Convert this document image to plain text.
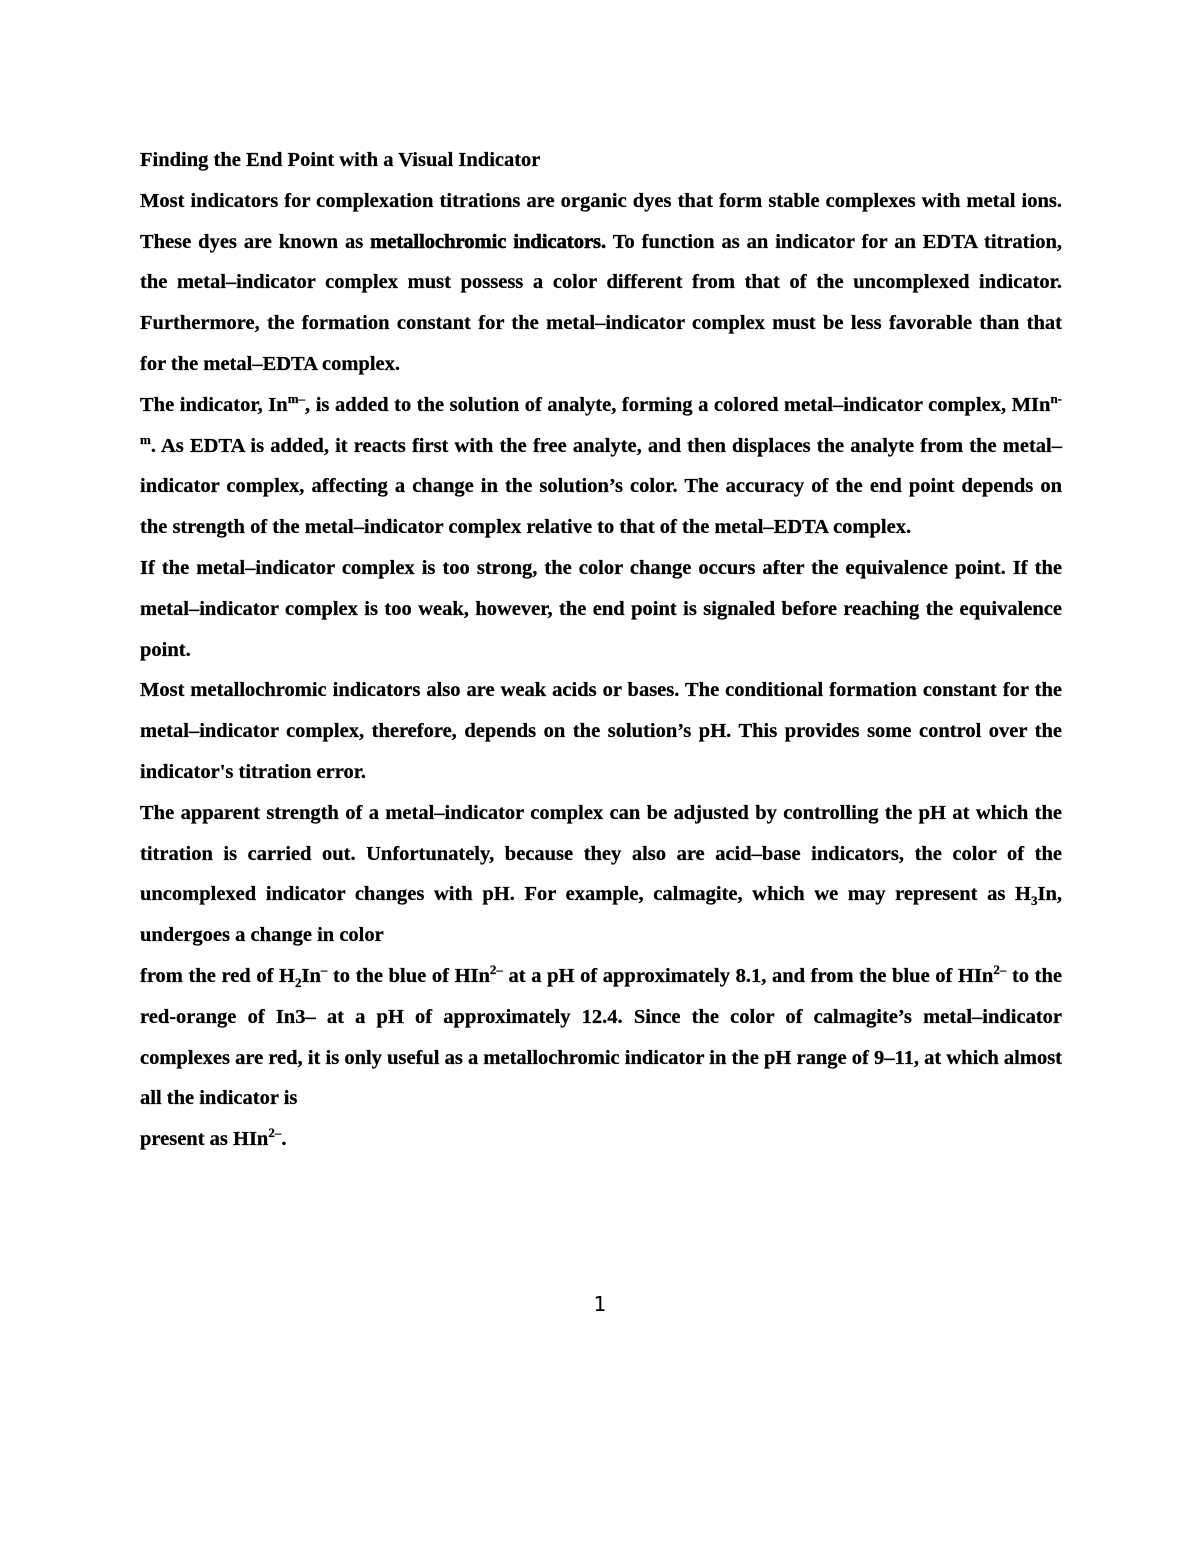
Finding the End Point with a Visual Indicator

Most indicators for complexation titrations are organic dyes that form stable complexes with metal ions. These dyes are known as metallochromic indicators. To function as an indicator for an EDTA titration, the metal–indicator complex must possess a color different from that of the uncomplexed indicator. Furthermore, the formation constant for the metal–indicator complex must be less favorable than that for the metal–EDTA complex.

The indicator, $In^{m-}$, is added to the solution of analyte, forming a colored metal–indicator complex, MIn$^{n-m}$. As EDTA is added, it reacts first with the free analyte, and then displaces the analyte from the metal–indicator complex, affecting a change in the solution’s color. The accuracy of the end point depends on the strength of the metal–indicator complex relative to that of the metal–EDTA complex.

If the metal–indicator complex is too strong, the color change occurs after the equivalence point. If the metal–indicator complex is too weak, however, the end point is signaled before reaching the equivalence point.

Most metallochromic indicators also are weak acids or bases. The conditional formation constant for the metal–indicator complex, therefore, depends on the solution’s pH. This provides some control over the indicator's titration error.

The apparent strength of a metal–indicator complex can be adjusted by controlling the pH at which the titration is carried out. Unfortunately, because they also are acid–base indicators, the color of the uncomplexed indicator changes with pH. For example, calmagite, which we may represent as $H_3In$, undergoes a change in color

from the red of $H_2In^-$ to the blue of HIn$^{2-}$ at a pH of approximately 8.1, and from the blue of HIn$^{2-}$ to the red-orange of In3– at a pH of approximately 12.4. Since the color of calmagite’s metal–indicator complexes are red, it is only useful as a metallochromic indicator in the pH range of 9–11, at which almost all the indicator is

present as HIn$^{2-}$.

1
